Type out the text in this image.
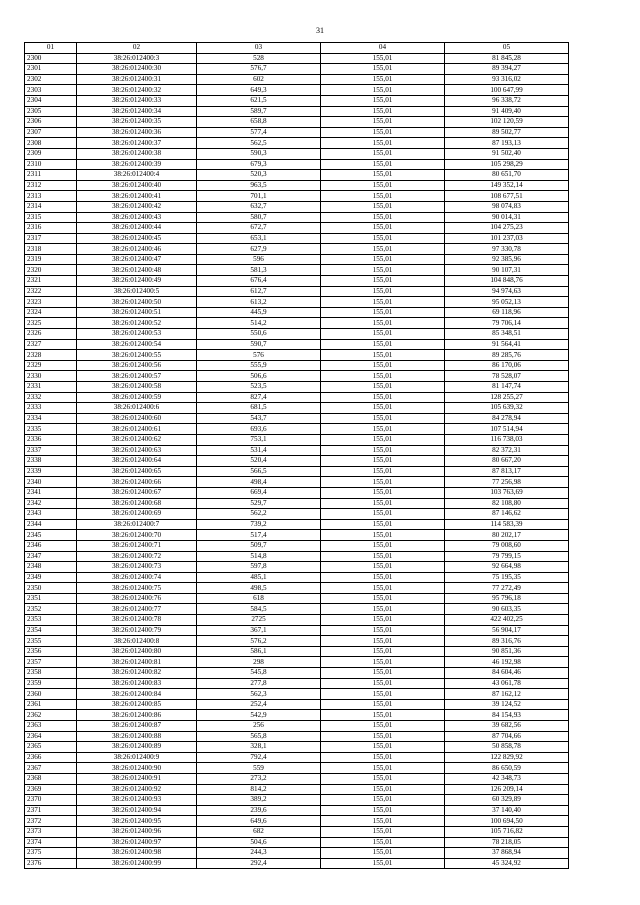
31
01	02	03	04	05
2300	38:26:012400:3	528	155,01	81 845,28
2301	38:26:012400:30	576,7	155,01	89 394,27
2302	38:26:012400:31	602	155,01	93 316,02
2303	38:26:012400:32	649,3	155,01	100 647,99
2304	38:26:012400:33	621,5	155,01	96 338,72
2305	38:26:012400:34	589,7	155,01	91 409,40
2306	38:26:012400:35	658,8	155,01	102 120,59
2307	38:26:012400:36	577,4	155,01	89 502,77
2308	38:26:012400:37	562,5	155,01	87 193,13
2309	38:26:012400:38	590,3	155,01	91 502,40
2310	38:26:012400:39	679,3	155,01	105 298,29
2311	38:26:012400:4	520,3	155,01	80 651,70
2312	38:26:012400:40	963,5	155,01	149 352,14
2313	38:26:012400:41	701,1	155,01	108 677,51
2314	38:26:012400:42	632,7	155,01	98 074,83
2315	38:26:012400:43	580,7	155,01	90 014,31
2316	38:26:012400:44	672,7	155,01	104 275,23
2317	38:26:012400:45	653,1	155,01	101 237,03
2318	38:26:012400:46	627,9	155,01	97 330,78
2319	38:26:012400:47	596	155,01	92 385,96
2320	38:26:012400:48	581,3	155,01	90 107,31
2321	38:26:012400:49	676,4	155,01	104 848,76
2322	38:26:012400:5	612,7	155,01	94 974,63
2323	38:26:012400:50	613,2	155,01	95 052,13
2324	38:26:012400:51	445,9	155,01	69 118,96
2325	38:26:012400:52	514,2	155,01	79 706,14
2326	38:26:012400:53	550,6	155,01	85 348,51
2327	38:26:012400:54	590,7	155,01	91 564,41
2328	38:26:012400:55	576	155,01	89 285,76
2329	38:26:012400:56	555,9	155,01	86 170,06
2330	38:26:012400:57	506,6	155,01	78 528,07
2331	38:26:012400:58	523,5	155,01	81 147,74
2332	38:26:012400:59	827,4	155,01	128 255,27
2333	38:26:012400:6	681,5	155,01	105 639,32
2334	38:26:012400:60	543,7	155,01	84 278,94
2335	38:26:012400:61	693,6	155,01	107 514,94
2336	38:26:012400:62	753,1	155,01	116 738,03
2337	38:26:012400:63	531,4	155,01	82 372,31
2338	38:26:012400:64	520,4	155,01	80 667,20
2339	38:26:012400:65	566,5	155,01	87 813,17
2340	38:26:012400:66	498,4	155,01	77 256,98
2341	38:26:012400:67	669,4	155,01	103 763,69
2342	38:26:012400:68	529,7	155,01	82 108,80
2343	38:26:012400:69	562,2	155,01	87 146,62
2344	38:26:012400:7	739,2	155,01	114 583,39
2345	38:26:012400:70	517,4	155,01	80 202,17
2346	38:26:012400:71	509,7	155,01	79 008,60
2347	38:26:012400:72	514,8	155,01	79 799,15
2348	38:26:012400:73	597,8	155,01	92 664,98
2349	38:26:012400:74	485,1	155,01	75 195,35
2350	38:26:012400:75	498,5	155,01	77 272,49
2351	38:26:012400:76	618	155,01	95 796,18
2352	38:26:012400:77	584,5	155,01	90 603,35
2353	38:26:012400:78	2725	155,01	422 402,25
2354	38:26:012400:79	367,1	155,01	56 904,17
2355	38:26:012400:8	576,2	155,01	89 316,76
2356	38:26:012400:80	586,1	155,01	90 851,36
2357	38:26:012400:81	298	155,01	46 192,98
2358	38:26:012400:82	545,8	155,01	84 604,46
2359	38:26:012400:83	277,8	155,01	43 061,78
2360	38:26:012400:84	562,3	155,01	87 162,12
2361	38:26:012400:85	252,4	155,01	39 124,52
2362	38:26:012400:86	542,9	155,01	84 154,93
2363	38:26:012400:87	256	155,01	39 682,56
2364	38:26:012400:88	565,8	155,01	87 704,66
2365	38:26:012400:89	328,1	155,01	50 858,78
2366	38:26:012400:9	792,4	155,01	122 829,92
2367	38:26:012400:90	559	155,01	86 650,59
2368	38:26:012400:91	273,2	155,01	42 348,73
2369	38:26:012400:92	814,2	155,01	126 209,14
2370	38:26:012400:93	389,2	155,01	60 329,89
2371	38:26:012400:94	239,6	155,01	37 140,40
2372	38:26:012400:95	649,6	155,01	100 694,50
2373	38:26:012400:96	682	155,01	105 716,82
2374	38:26:012400:97	504,6	155,01	78 218,05
2375	38:26:012400:98	244,3	155,01	37 868,94
2376	38:26:012400:99	292,4	155,01	45 324,92
